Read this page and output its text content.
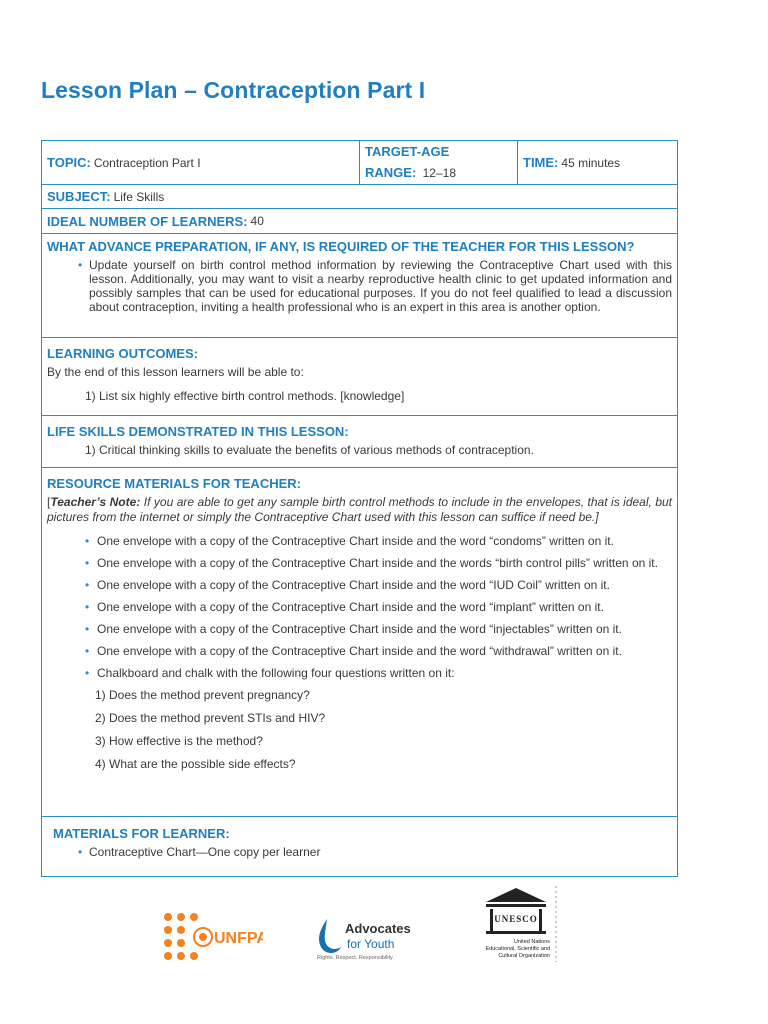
Lesson Plan – Contraception Part I
TOPIC: Contraception Part I
TARGET-AGE
RANGE: 12–18
TIME: 45 minutes
SUBJECT: Life Skills
IDEAL NUMBER OF LEARNERS: 40
WHAT ADVANCE PREPARATION, IF ANY, IS REQUIRED OF THE TEACHER FOR THIS LESSON?
• Update yourself on birth control method information by reviewing the Contraceptive Chart used with this lesson. Additionally, you may want to visit a nearby reproductive health clinic to get updated information and possibly samples that can be used for educational purposes. If you do not feel qualified to lead a discussion about contraception, inviting a health professional who is an expert in this area is another option.
LEARNING OUTCOMES:

By the end of this lesson learners will be able to:

1) List six highly effective birth control methods. [knowledge]
LIFE SKILLS DEMONSTRATED IN THIS LESSON:
1) Critical thinking skills to evaluate the benefits of various methods of contraception.
RESOURCE MATERIALS FOR TEACHER:

[Teacher’s Note: If you are able to get any sample birth control methods to include in the envelopes, that is ideal, but pictures from the internet or simply the Contraceptive Chart used with this lesson can suffice if need be.]

• One envelope with a copy of the Contraceptive Chart inside and the word “condoms” written on it.
• One envelope with a copy of the Contraceptive Chart inside and the words “birth control pills” written on it.
• One envelope with a copy of the Contraceptive Chart inside and the word “IUD Coil” written on it.
• One envelope with a copy of the Contraceptive Chart inside and the word “implant” written on it.
• One envelope with a copy of the Contraceptive Chart inside and the word “injectables” written on it.
• One envelope with a copy of the Contraceptive Chart inside and the word “withdrawal” written on it.
• Chalkboard and chalk with the following four questions written on it:
1) Does the method prevent pregnancy?
2) Does the method prevent STIs and HIV?
3) How effective is the method?
4) What are the possible side effects?
MATERIALS FOR LEARNER:
• Contraceptive Chart—One copy per learner
UNFPA
Advocates
for Youth
Rights. Respect. Responsibility.
UNESCO
United Nations
Educational, Scientific and
Cultural Organization
